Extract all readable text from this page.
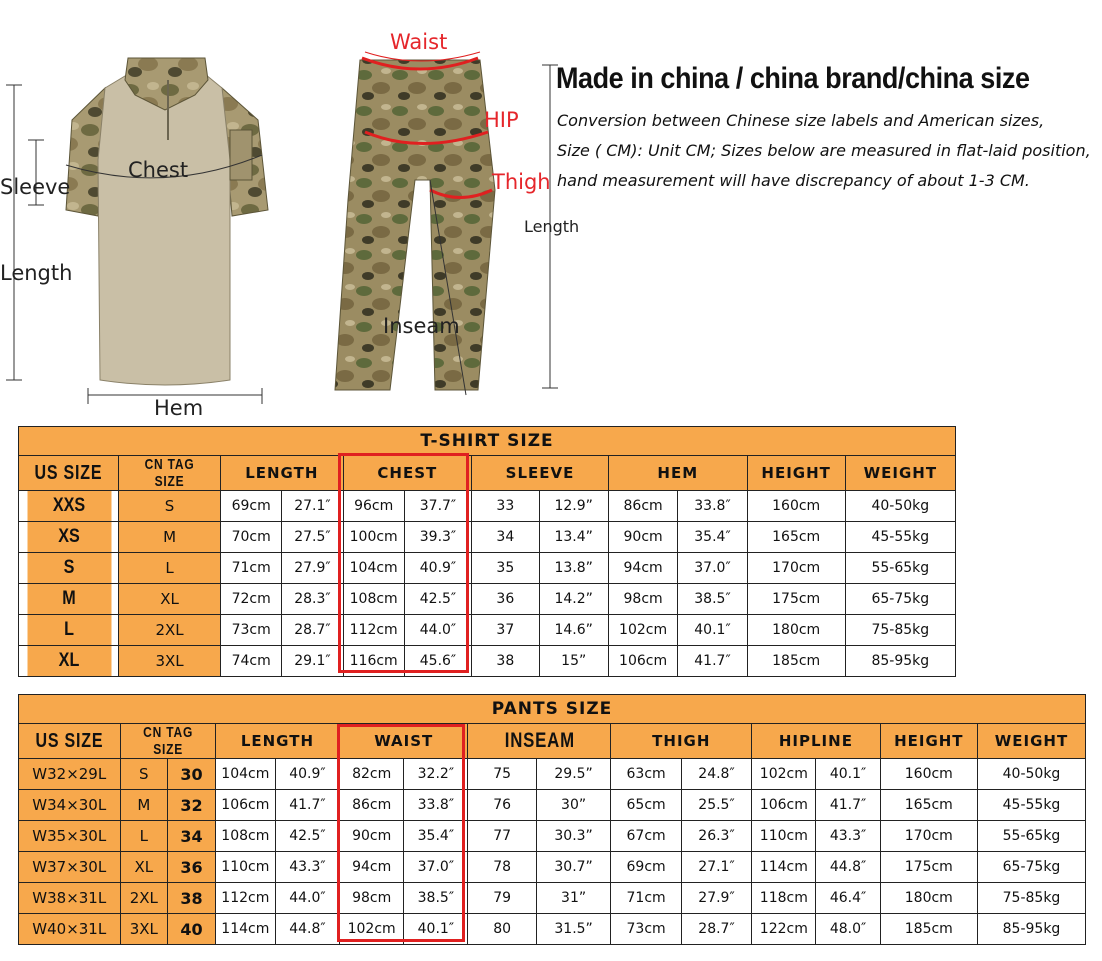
Sleeve
Chest
Length
Hem
Waist
HIP
Thigh
Inseam
Length
Made in china / china brand/china size
Conversion between Chinese size labels and American sizes,
Size ( CM): Unit CM; Sizes below are measured in flat-laid position,
hand measurement will have discrepancy of about 1-3 CM.
T-SHIRT SIZE											
US SIZE	CN TAG SIZE	LENGTH		CHEST		SLEEVE		HEM		HEIGHT	WEIGHT
XXS	S	69cm	27.1″	96cm	37.7″	33	12.9”	86cm	33.8″	160cm	40-50kg
XS	M	70cm	27.5″	100cm	39.3″	34	13.4”	90cm	35.4″	165cm	45-55kg
S	L	71cm	27.9″	104cm	40.9″	35	13.8”	94cm	37.0″	170cm	55-65kg
M	XL	72cm	28.3″	108cm	42.5″	36	14.2”	98cm	38.5″	175cm	65-75kg
L	2XL	73cm	28.7″	112cm	44.0″	37	14.6”	102cm	40.1″	180cm	75-85kg
XL	3XL	74cm	29.1″	116cm	45.6″	38	15”	106cm	41.7″	185cm	85-95kg
PANTS SIZE														
US SIZE	CN TAG SIZE		LENGTH		WAIST		INSEAM		THIGH		HIPLINE		HEIGHT	WEIGHT
W32×29L	S	30	104cm	40.9″	82cm	32.2″	75	29.5”	63cm	24.8″	102cm	40.1″	160cm	40-50kg
W34×30L	M	32	106cm	41.7″	86cm	33.8″	76	30”	65cm	25.5″	106cm	41.7″	165cm	45-55kg
W35×30L	L	34	108cm	42.5″	90cm	35.4″	77	30.3”	67cm	26.3″	110cm	43.3″	170cm	55-65kg
W37×30L	XL	36	110cm	43.3″	94cm	37.0″	78	30.7”	69cm	27.1″	114cm	44.8″	175cm	65-75kg
W38×31L	2XL	38	112cm	44.0″	98cm	38.5″	79	31”	71cm	27.9″	118cm	46.4″	180cm	75-85kg
W40×31L	3XL	40	114cm	44.8″	102cm	40.1″	80	31.5”	73cm	28.7″	122cm	48.0″	185cm	85-95kg
